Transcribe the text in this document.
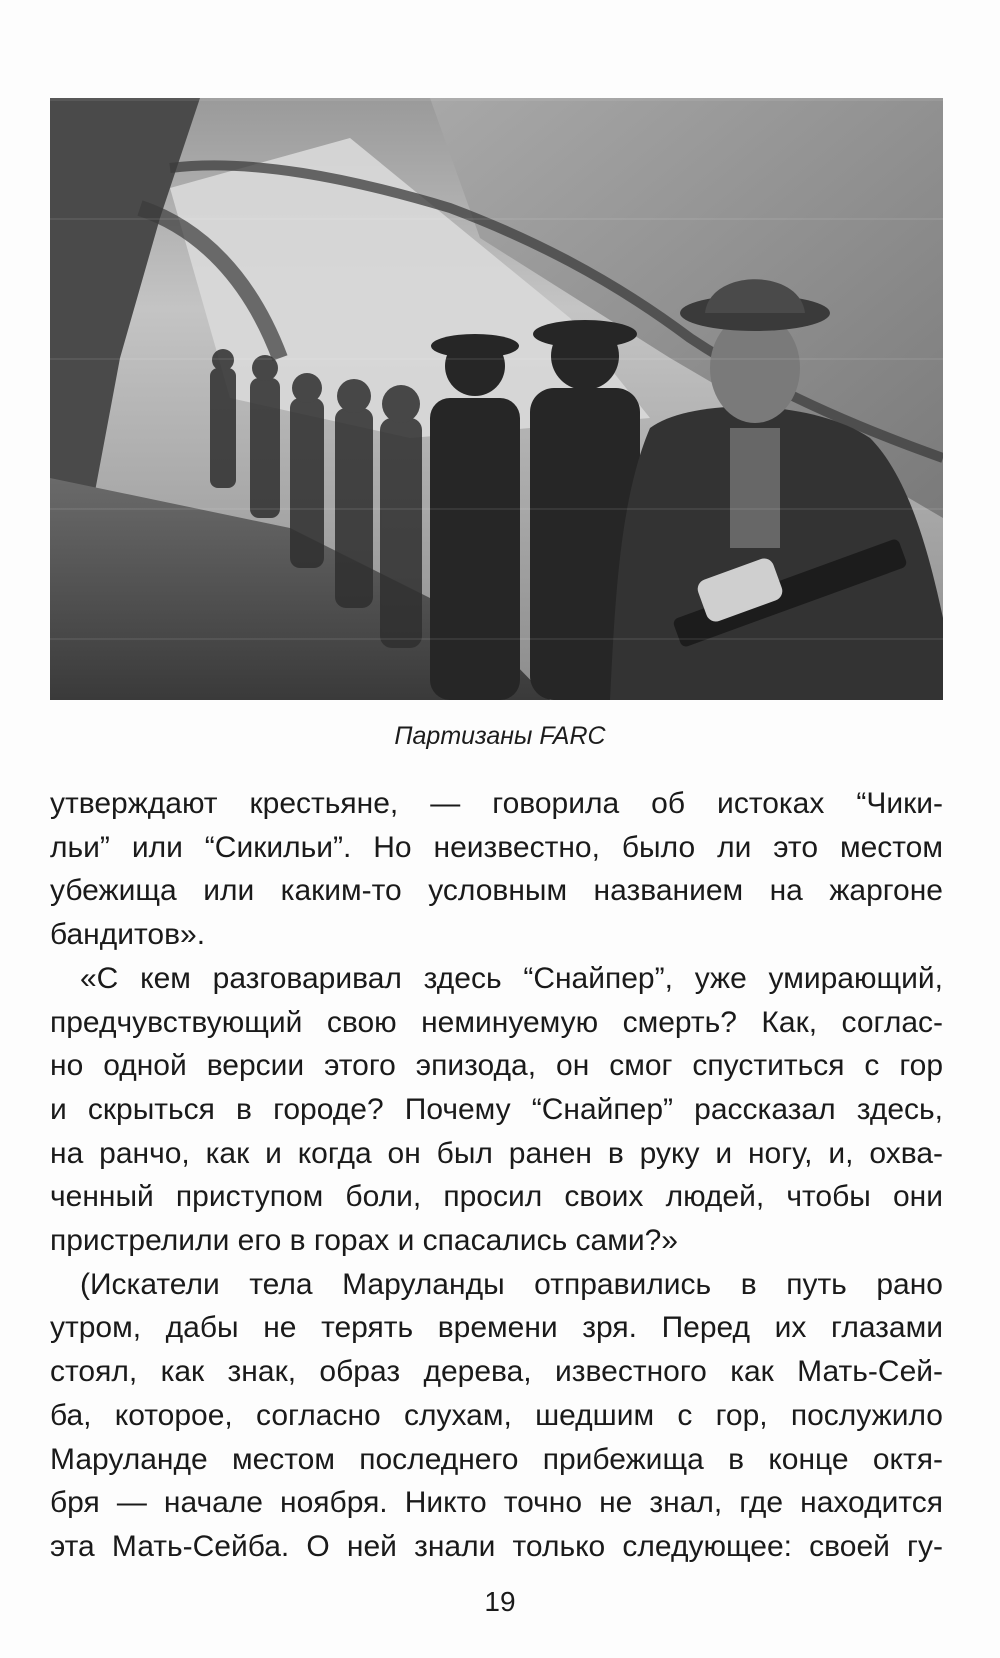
Партизаны FARC

утверждают крестьяне, — говорила об истоках “Чики-
льи” или “Сикильи”. Но неизвестно, было ли это местом
убежища или каким-то условным названием на жаргоне
бандитов».

«С кем разговаривал здесь “Снайпер”, уже умирающий,
предчувствующий свою неминуемую смерть? Как, соглас-
но одной версии этого эпизода, он смог спуститься с гор
и скрыться в городе? Почему “Снайпер” рассказал здесь,
на ранчо, как и когда он был ранен в руку и ногу, и, охва-
ченный приступом боли, просил своих людей, чтобы они
пристрелили его в горах и спасались сами?»

(Искатели тела Маруланды отправились в путь рано
утром, дабы не терять времени зря. Перед их глазами
стоял, как знак, образ дерева, известного как Мать-Сей-
ба, которое, согласно слухам, шедшим с гор, послужило
Маруланде местом последнего прибежища в конце октя-
бря — начале ноября. Никто точно не знал, где находится
эта Мать-Сейба. О ней знали только следующее: своей гу-

19
